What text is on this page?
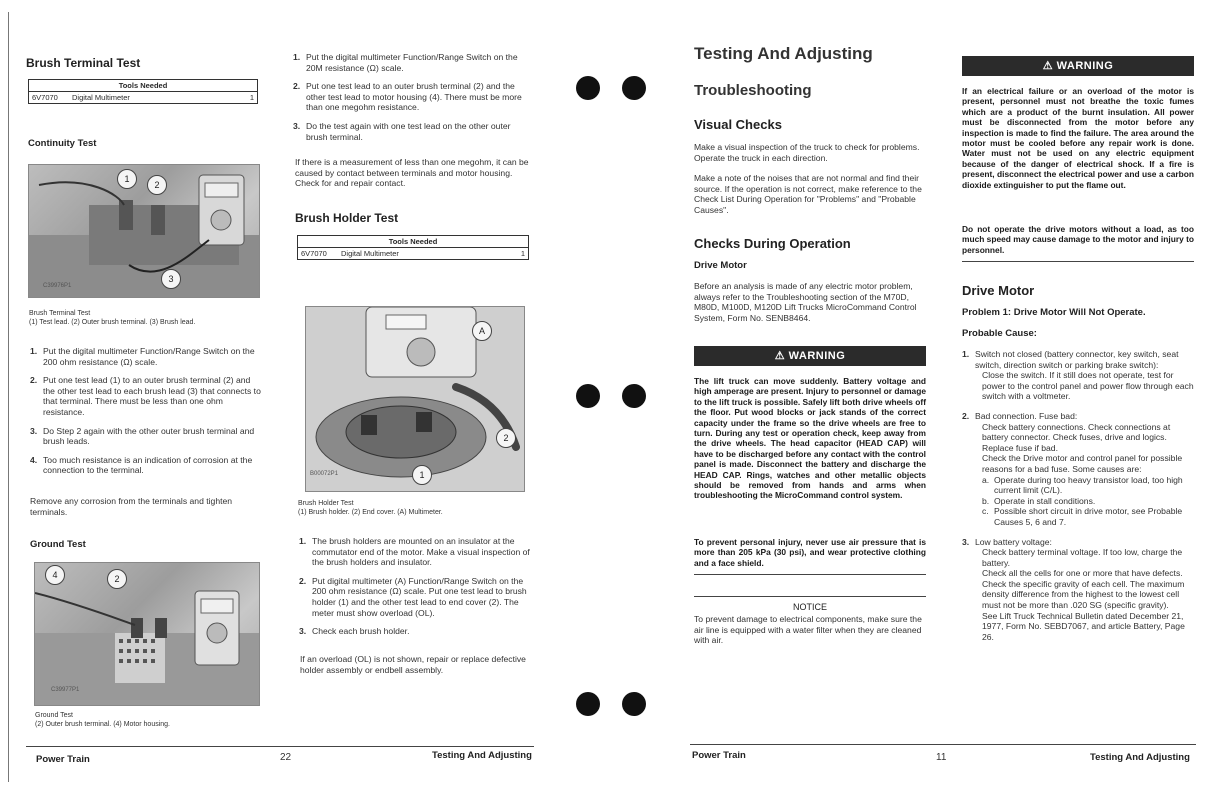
Brush Terminal Test
Tools Needed
6V7070	Digital Multimeter	1
Continuity Test
1
2
3
C39976P1
Brush Terminal Test
(1) Test lead. (2) Outer brush terminal. (3) Brush lead.
1. Put the digital multimeter Function/Range Switch on the 200 ohm resistance (Ω) scale.
2. Put one test lead (1) to an outer brush terminal (2) and the other test lead to each brush lead (3) that connects to that terminal. There must be less than one ohm resistance.
3. Do Step 2 again with the other outer brush terminal and brush leads.
4. Too much resistance is an indication of corrosion at the connection to the terminal.
Remove any corrosion from the terminals and tighten terminals.
Ground Test
4	2
C39977P1
Ground Test
(2) Outer brush terminal. (4) Motor housing.
1. Put the digital multimeter Function/Range Switch on the 20M resistance (Ω) scale.
2. Put one test lead to an outer brush terminal (2) and the other test lead to motor housing (4). There must be more than one megohm resistance.
3. Do the test again with one test lead on the other outer brush terminal.
If there is a measurement of less than one megohm, it can be caused by contact between terminals and motor housing. Check for and repair contact.
Brush Holder Test
Tools Needed
6V7070	Digital Multimeter	1
A
2
1
B00072P1
Brush Holder Test
(1) Brush holder. (2) End cover. (A) Multimeter.
1. The brush holders are mounted on an insulator at the commutator end of the motor. Make a visual inspection of the brush holders and insulator.
2. Put digital multimeter (A) Function/Range Switch on the 200 ohm resistance (Ω) scale. Put one test lead to brush holder (1) and the other test lead to end cover (2). The meter must show overload (OL).
3. Check each brush holder.
If an overload (OL) is not shown, repair or replace defective holder assembly or endbell assembly.
Power Train	22	Testing And Adjusting
Testing And Adjusting
Troubleshooting
Visual Checks
Make a visual inspection of the truck to check for problems. Operate the truck in each direction.
Make a note of the noises that are not normal and find their source. If the operation is not correct, make reference to the Check List During Operation for "Problems" and "Probable Causes".
Checks During Operation
Drive Motor
Before an analysis is made of any electric motor problem, always refer to the Troubleshooting section of the M70D, M80D, M100D, M120D Lift Trucks MicroCommand Control System, Form No. SENB8464.
⚠ WARNING
The lift truck can move suddenly. Battery voltage and high amperage are present. Injury to personnel or damage to the lift truck is possible. Safely lift both drive wheels off the floor. Put wood blocks or jack stands of the correct capacity under the frame so the drive wheels are free to turn. During any test or operation check, keep away from the drive wheels. The head capacitor (HEAD CAP) will have to be discharged before any contact with the control panel is made. Disconnect the battery and discharge the HEAD CAP. Rings, watches and other metallic objects should be removed from hands and arms when troubleshooting the MicroCommand control system.
To prevent personal injury, never use air pressure that is more than 205 kPa (30 psi), and wear protective clothing and a face shield.
NOTICE
To prevent damage to electrical components, make sure the air line is equipped with a water filter when they are cleaned with air.
⚠ WARNING
If an electrical failure or an overload of the motor is present, personnel must not breathe the toxic fumes which are a product of the burnt insulation. All power must be disconnected from the motor before any inspection is made to find the failure. The area around the motor must be cooled before any repair work is done. Water must not be used on any electric equipment because of the danger of electrical shock. If a fire is present, disconnect the electrical power and use a carbon dioxide extinguisher to put the flame out.
Do not operate the drive motors without a load, as too much speed may cause damage to the motor and injury to personnel.
Drive Motor
Problem 1: Drive Motor Will Not Operate.
Probable Cause:
1. Switch not closed (battery connector, key switch, seat switch, direction switch or parking brake switch):
Close the switch. If it still does not operate, test for power to the control panel and power flow through each switch with a voltmeter.
2. Bad connection. Fuse bad:
Check battery connections. Check connections at battery connector. Check fuses, drive and logics. Replace fuse if bad.
Check the Drive motor and control panel for possible reasons for a bad fuse. Some causes are:
a. Operate during too heavy transistor load, too high current limit (C/L).
b. Operate in stall conditions.
c. Possible short circuit in drive motor, see Probable Causes 5, 6 and 7.
3. Low battery voltage:
Check battery terminal voltage. If too low, charge the battery.
Check all the cells for one or more that have defects.
Check the specific gravity of each cell. The maximum density difference from the highest to the lowest cell must not be more than .020 SG (specific gravity).
See Lift Truck Technical Bulletin dated December 21, 1977, Form No. SEBD7067, and article Battery, Page 26.
Power Train	11	Testing And Adjusting
